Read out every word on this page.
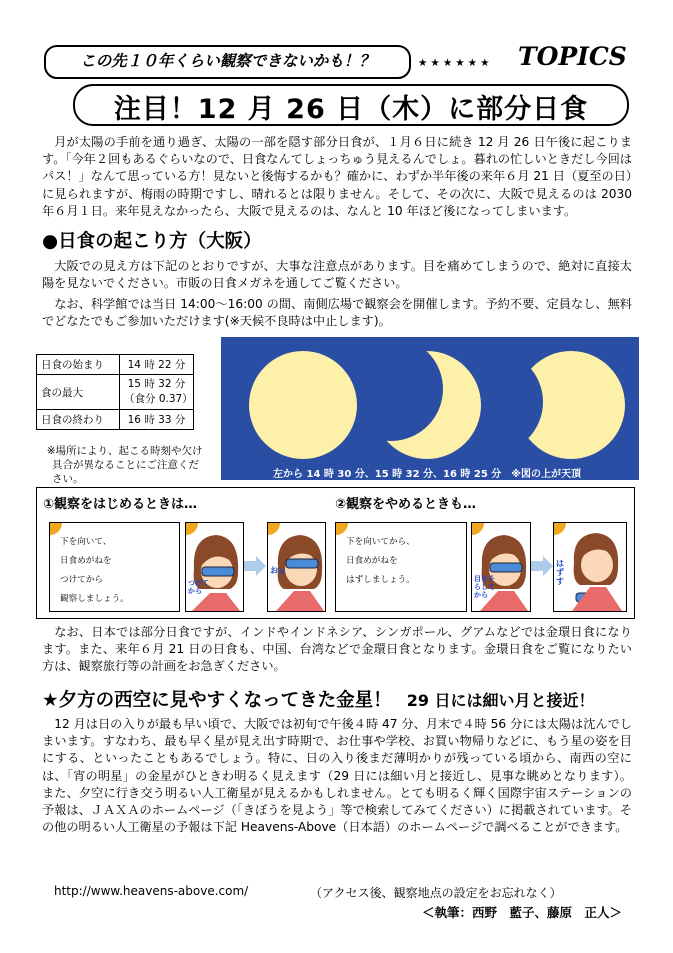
この先１０年くらい観察できないかも！？	★★★★★★ TOPICS
注目！12 月 26 日（木）に部分日食
月が太陽の手前を通り過ぎ、太陽の一部を隠す部分日食が、１月６日に続き 12 月 26 日午後に起こります。「今年２回もあるぐらいなので、日食なんてしょっちゅう見えるんでしょ。暮れの忙しいときだし今回はパス！」なんて思っている方！見ないと後悔するかも？確かに、わずか半年後の来年６月 21 日（夏至の日）に見られますが、梅雨の時期ですし、晴れるとは限りません。そして、その次に、大阪で見えるのは 2030 年６月１日。来年見えなかったら、大阪で見えるのは、なんと 10 年ほど後になってしまいます。
●日食の起こり方（大阪）
大阪での見え方は下記のとおりですが、大事な注意点があります。目を痛めてしまうので、絶対に直接太陽を見ないでください。市販の日食メガネを通してご覧ください。
なお、科学館では当日 14:00～16:00 の間、南側広場で観察会を開催します。予約不要、定員なし、無料でどなたでもご参加いただけます(※天候不良時は中止します)。
日食の始まり	14 時 22 分
食の最大	15 時 32 分
（食分 0.37）

日食の終わり	16 時 33 分
※場所により、起こる時刻や欠け具合が異なることにご注意ください。	左から 14 時 30 分、15 時 32 分、16 時 25 分　※図の上が天頂
①観察をはじめるときは…	②観察をやめるときも…
下を向いて、
日食めがねを
つけてから
観察しましょう。
つけてから
おぉ
下を向いてから、
日食めがねを
はずしましょう。	目をそらしてから
はずす
なお、日本では部分日食ですが、インドやインドネシア、シンガポール、グアムなどでは金環日食になります。また、来年６月 21 日の日食も、中国、台湾などで金環日食となります。金環日食をご覧になりたい方は、観察旅行等の計画をお急ぎください。
★夕方の西空に見やすくなってきた金星！ 29 日には細い月と接近！
12 月は日の入りが最も早い頃で、大阪では初旬で午後４時 47 分、月末で４時 56 分には太陽は沈んでしまいます。すなわち、最も早く星が見え出す時期で、お仕事や学校、お買い物帰りなどに、もう星の姿を目にする、といったこともあるでしょう。特に、日の入り後まだ薄明かりが残っている頃から、南西の空には、「宵の明星」の金星がひときわ明るく見えます（29 日には細い月と接近し、見事な眺めとなります）。また、夕空に行き交う明るい人工衛星が見えるかもしれません。とても明るく輝く国際宇宙ステーションの予報は、ＪＡＸＡのホームページ（「きぼうを見よう」等で検索してみてください）に掲載されています。その他の明るい人工衛星の予報は下記 Heavens-Above（日本語）のホームページで調べることができます。
http://www.heavens-above.com/	（アクセス後、観察地点の設定をお忘れなく）
＜執筆：西野　藍子、藤原　正人＞
